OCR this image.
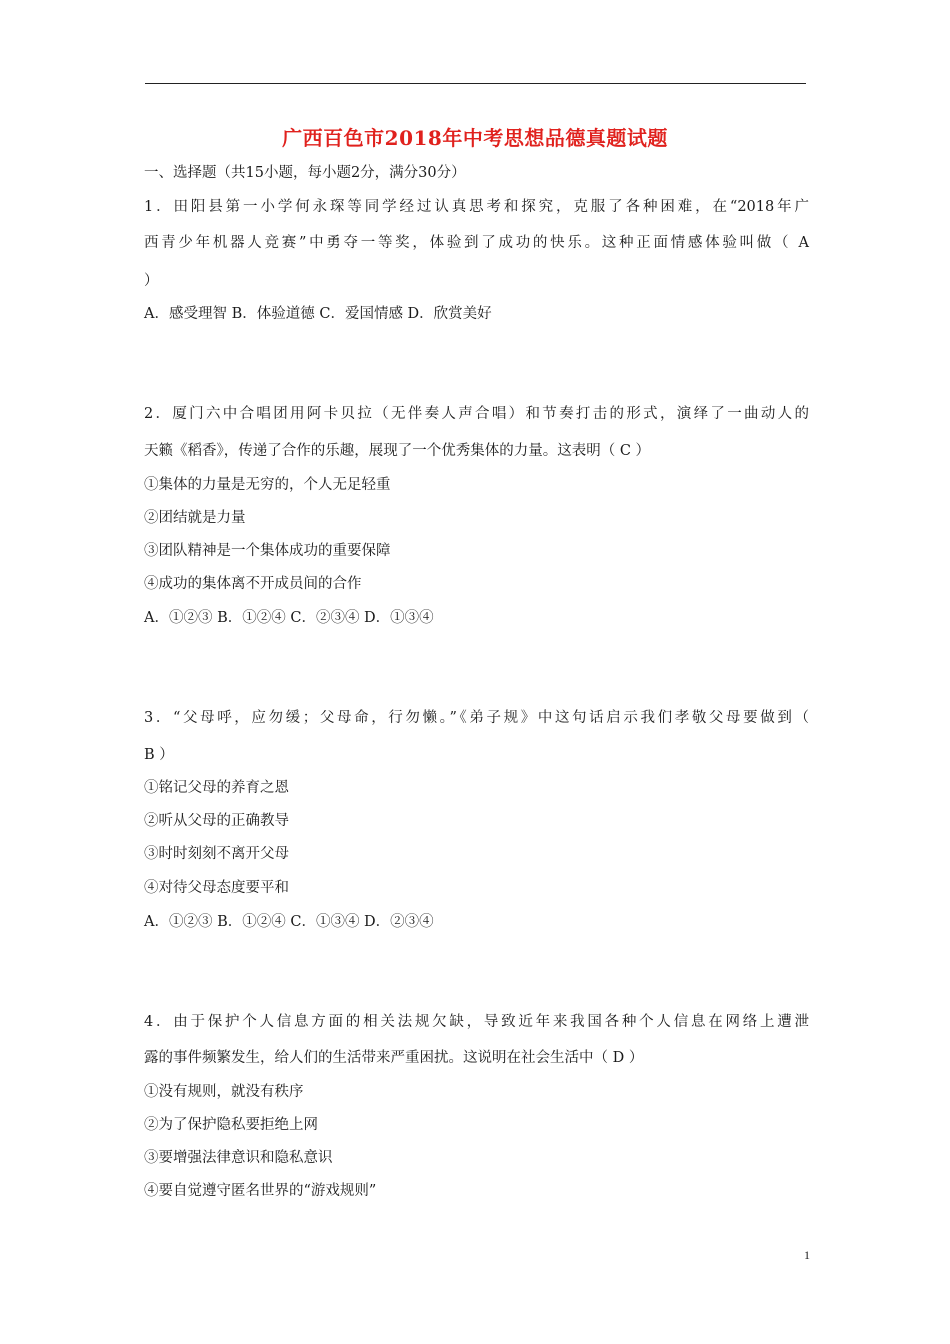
广西百色市2018年中考思想品德真题试题
一、选择题（共15小题，每小题2分，满分30分）
1．田阳县第一小学何永琛等同学经过认真思考和探究，克服了各种困难，在“2018年广
西青少年机器人竞赛”中勇夺一等奖，体验到了成功的快乐。这种正面情感体验叫做（ A
）
A．感受理智 B．体验道德 C．爱国情感 D．欣赏美好
2．厦门六中合唱团用阿卡贝拉（无伴奏人声合唱）和节奏打击的形式，演绎了一曲动人的
天籁《稻香》，传递了合作的乐趣，展现了一个优秀集体的力量。这表明（ C ）
①集体的力量是无穷的，个人无足轻重
②团结就是力量
③团队精神是一个集体成功的重要保障
④成功的集体离不开成员间的合作
A．①②③ B．①②④ C．②③④ D．①③④
3．“父母呼，应勿缓；父母命，行勿懒。”《弟子规》中这句话启示我们孝敬父母要做到（
B ）
①铭记父母的养育之恩
②听从父母的正确教导
③时时刻刻不离开父母
④对待父母态度要平和
A．①②③ B．①②④ C．①③④ D．②③④
4．由于保护个人信息方面的相关法规欠缺，导致近年来我国各种个人信息在网络上遭泄
露的事件频繁发生，给人们的生活带来严重困扰。这说明在社会生活中（ D ）
①没有规则，就没有秩序
②为了保护隐私要拒绝上网
③要增强法律意识和隐私意识
④要自觉遵守匿名世界的“游戏规则”
1
